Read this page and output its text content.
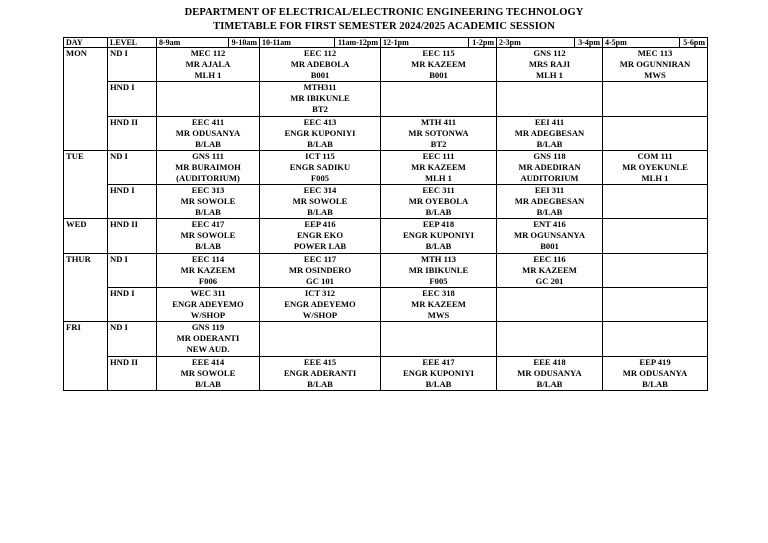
DEPARTMENT OF ELECTRICAL/ELECTRONIC ENGINEERING TECHNOLOGY
TIMETABLE FOR FIRST SEMESTER 2024/2025 ACADEMIC SESSION
DAY	LEVEL	8-9am 9-10am	10-11am 11am-12pm	12-1pm 1-2pm	2-3pm 3-4pm	4-5pm 5-6pm

MON	ND I	MEC 112
MR AJALA
MLH 1	EEC 112
MR ADEBOLA
B001	EEC 115
MR KAZEEM
B001	GNS 112
MRS RAJI
MLH 1	MEC 113
MR OGUNNIRAN
MWS

	HND I		MTH311
MR IBIKUNLE
BT2			

	HND II	EEC 411
MR ODUSANYA
B/LAB	EEC 413
ENGR KUPONIYI
B/LAB	MTH 411
MR SOTONWA
BT2	EEI 411
MR ADEGBESAN
B/LAB	

TUE	ND I	GNS 111
MR BURAIMOH
(AUDITORIUM)	ICT 115
ENGR SADIKU
F005	EEC 111
MR KAZEEM
MLH 1	GNS 118
MR ADEDIRAN
AUDITORIUM	COM 111
MR OYEKUNLE
MLH 1

	HND I	EEC 313
MR SOWOLE
B/LAB	EEC 314
MR SOWOLE
B/LAB	EEC 311
MR OYEBOLA
B/LAB	EEI 311
MR ADEGBESAN
B/LAB	

WED	HND II	EEC 417
MR SOWOLE
B/LAB	EEP 416
ENGR EKO
POWER LAB	EEP 418
ENGR KUPONIYI
B/LAB	ENT 416
MR OGUNSANYA
B001	

THUR	ND I	EEC 114
MR KAZEEM
F006	EEC 117
MR OSINDERO
GC 101	MTH 113
MR IBIKUNLE
F005	EEC 116
MR KAZEEM
GC 201	

	HND I	WEC 311
ENGR ADEYEMO
W/SHOP	ICT 312
ENGR ADEYEMO
W/SHOP	EEC 318
MR KAZEEM
MWS		

FRI	ND I	GNS 119
MR ODERANTI
NEW AUD.				

	HND II	EEE 414
MR SOWOLE
B/LAB	EEE 415
ENGR ADERANTI
B/LAB	EEE 417
ENGR KUPONIYI
B/LAB	EEE 418
MR ODUSANYA
B/LAB	EEP 419
MR ODUSANYA
B/LAB
